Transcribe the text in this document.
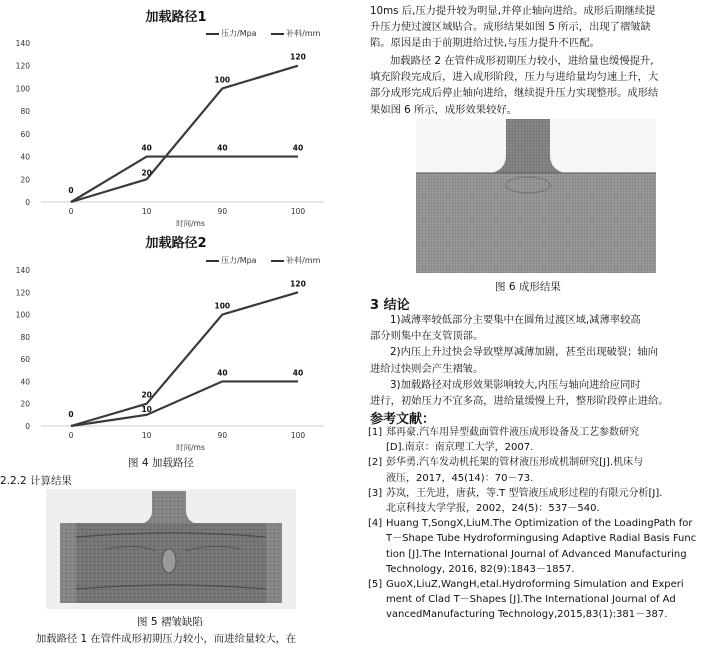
加载路径1
压力/Mpa	补料/mm
0
20
40
60
80
100
120
140
0	10	90	100
时间/ms
0
20
100
120
40	40	40
加载路径2
压力/Mpa	补料/mm
0
20
40
60
80
100
120
140
0	10	90	100
时间/ms
0
20
100
120
10
40	40
图 4 加载路径
2.2.2 计算结果
图 5 褶皱缺陷
加载路径 1 在管件成形初期压力较小，而进给量较大，在
10ms 后,压力提升较为明显,并停止轴向进给。成形后期继续提
升压力使过渡区域贴合。成形结果如图 5 所示，出现了褶皱缺
陷。原因是由于前期进给过快,与压力提升不匹配。
加载路径 2 在管件成形初期压力较小，进给量也缓慢提升,
填充阶段完成后，进入成形阶段，压力与进给量均匀速上升，大
部分成形完成后停止轴向进给，继续提升压力实现整形。成形结
果如图 6 所示，成形效果较好。
图 6 成形结果
3 结论
1)减薄率较低部分主要集中在圆角过渡区域,减薄率较高
部分则集中在支管顶部。
2)内压上升过快会导致壁厚减薄加剧，甚至出现破裂；轴向
进给过快则会产生褶皱。
3)加载路径对成形效果影响较大,内压与轴向进给应同时
进行，初始压力不宜多高，进给量缓慢上升，整形阶段停止进给。
参考文献：
[1] 郑再豪.汽车用异型截面管件液压成形设备及工艺参数研究
[D].南京：南京理工大学，2007.
[2] 彭华勇.汽车发动机托架的管材液压形成机制研究[J].机床与
液压，2017，45(14)：70－73.
[3] 苏岚，王先进，唐荻，等.T 型管液压成形过程的有限元分析[J].
北京科技大学学报，2002，24(5)：537－540.
[4] Huang T,SongX,LiuM.The Optimization of the LoadingPath for
T－Shape Tube Hydroformingusing Adaptive Radial Basis Func
tion [J].The International Journal of Advanced Manufacturing
Technology, 2016, 82(9):1843－1857.
[5] GuoX,LiuZ,WangH,etal.Hydroforming Simulation and Experi
ment of Clad T－Shapes [J].The International Journal of Ad
vancedManufacturing Technology,2015,83(1):381－387.
